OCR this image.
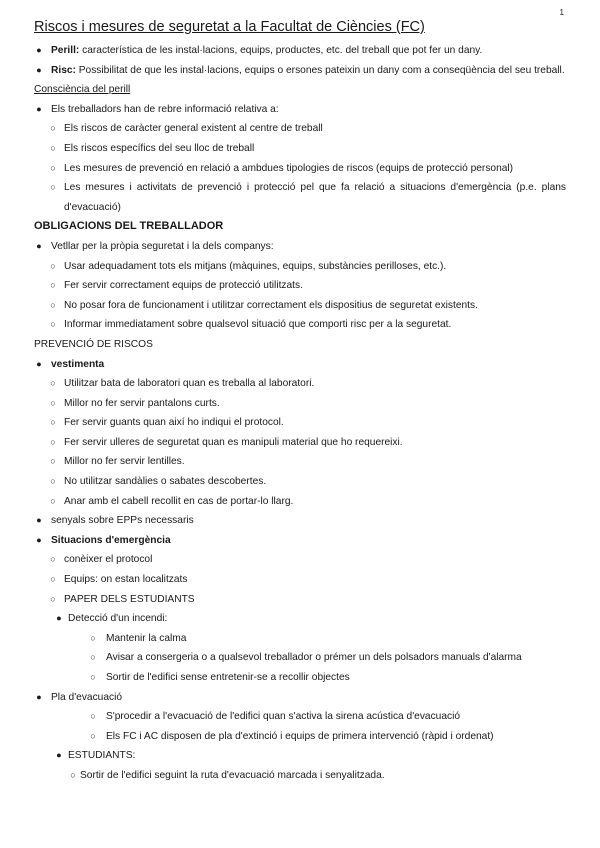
1
Riscos i mesures de seguretat a la Facultat de Ciències (FC)
●
Perill: característica de les instal·lacions, equips, productes, etc. del treball que pot fer un dany.
●
Risc: Possibilitat de que les instal·lacions, equips o ersones pateixin un dany com a conseqüència del seu treball.
Consciència del perill
●
Els treballadors han de rebre informació relativa a:
○
Els riscos de caràcter general existent al centre de treball
○
Els riscos específics del seu lloc de treball
○
Les mesures de prevenció en relació a ambdues tipologies de riscos (equips de protecció personal)
○
Les mesures i activitats de prevenció i protecció pel que fa relació a situacions d'emergència (p.e. plans d'evacuació)
OBLIGACIONS DEL TREBALLADOR
●
Vetllar per la pròpia seguretat i la dels companys:
○
Usar adequadament tots els mitjans (màquines, equips, substàncies perilloses, etc.).
○
Fer servir correctament equips de protecció utilitzats.
○
No posar fora de funcionament i utilitzar correctament els dispositius de seguretat existents.
○
Informar immediatament sobre qualsevol situació que comporti risc per a la seguretat.
PREVENCIÓ DE RISCOS
●
vestimenta
○
Utilitzar bata de laboratori quan es treballa al laboratori.
○
Millor no fer servir pantalons curts.
○
Fer servir guants quan així ho indiqui el protocol.
○
Fer servir ulleres de seguretat quan es manipuli material que ho requereixi.
○
Millor no fer servir lentilles.
○
No utilitzar sandàlies o sabates descobertes.
○
Anar amb el cabell recollit en cas de portar-lo llarg.
●
senyals sobre EPPs necessaris
●
Situacions d'emergència
○
conèixer el protocol
○
Equips: on estan localitzats
○
PAPER DELS ESTUDIANTS
●
Detecció d'un incendi:
○
Mantenir la calma
○
Avisar a consergeria o a qualsevol treballador o prémer un dels polsadors manuals d'alarma
○
Sortir de l'edifici sense entretenir-se a recollir objectes
●
Pla d'evacuació
○
S'procedir a l'evacuació de l'edifici quan s'activa la sirena acústica d'evacuació
○
Els FC i AC disposen de pla d'extinció i equips de primera intervenció (ràpid i ordenat)
●
ESTUDIANTS:
○
Sortir de l'edifici seguint la ruta d'evacuació marcada i senyalitzada.
